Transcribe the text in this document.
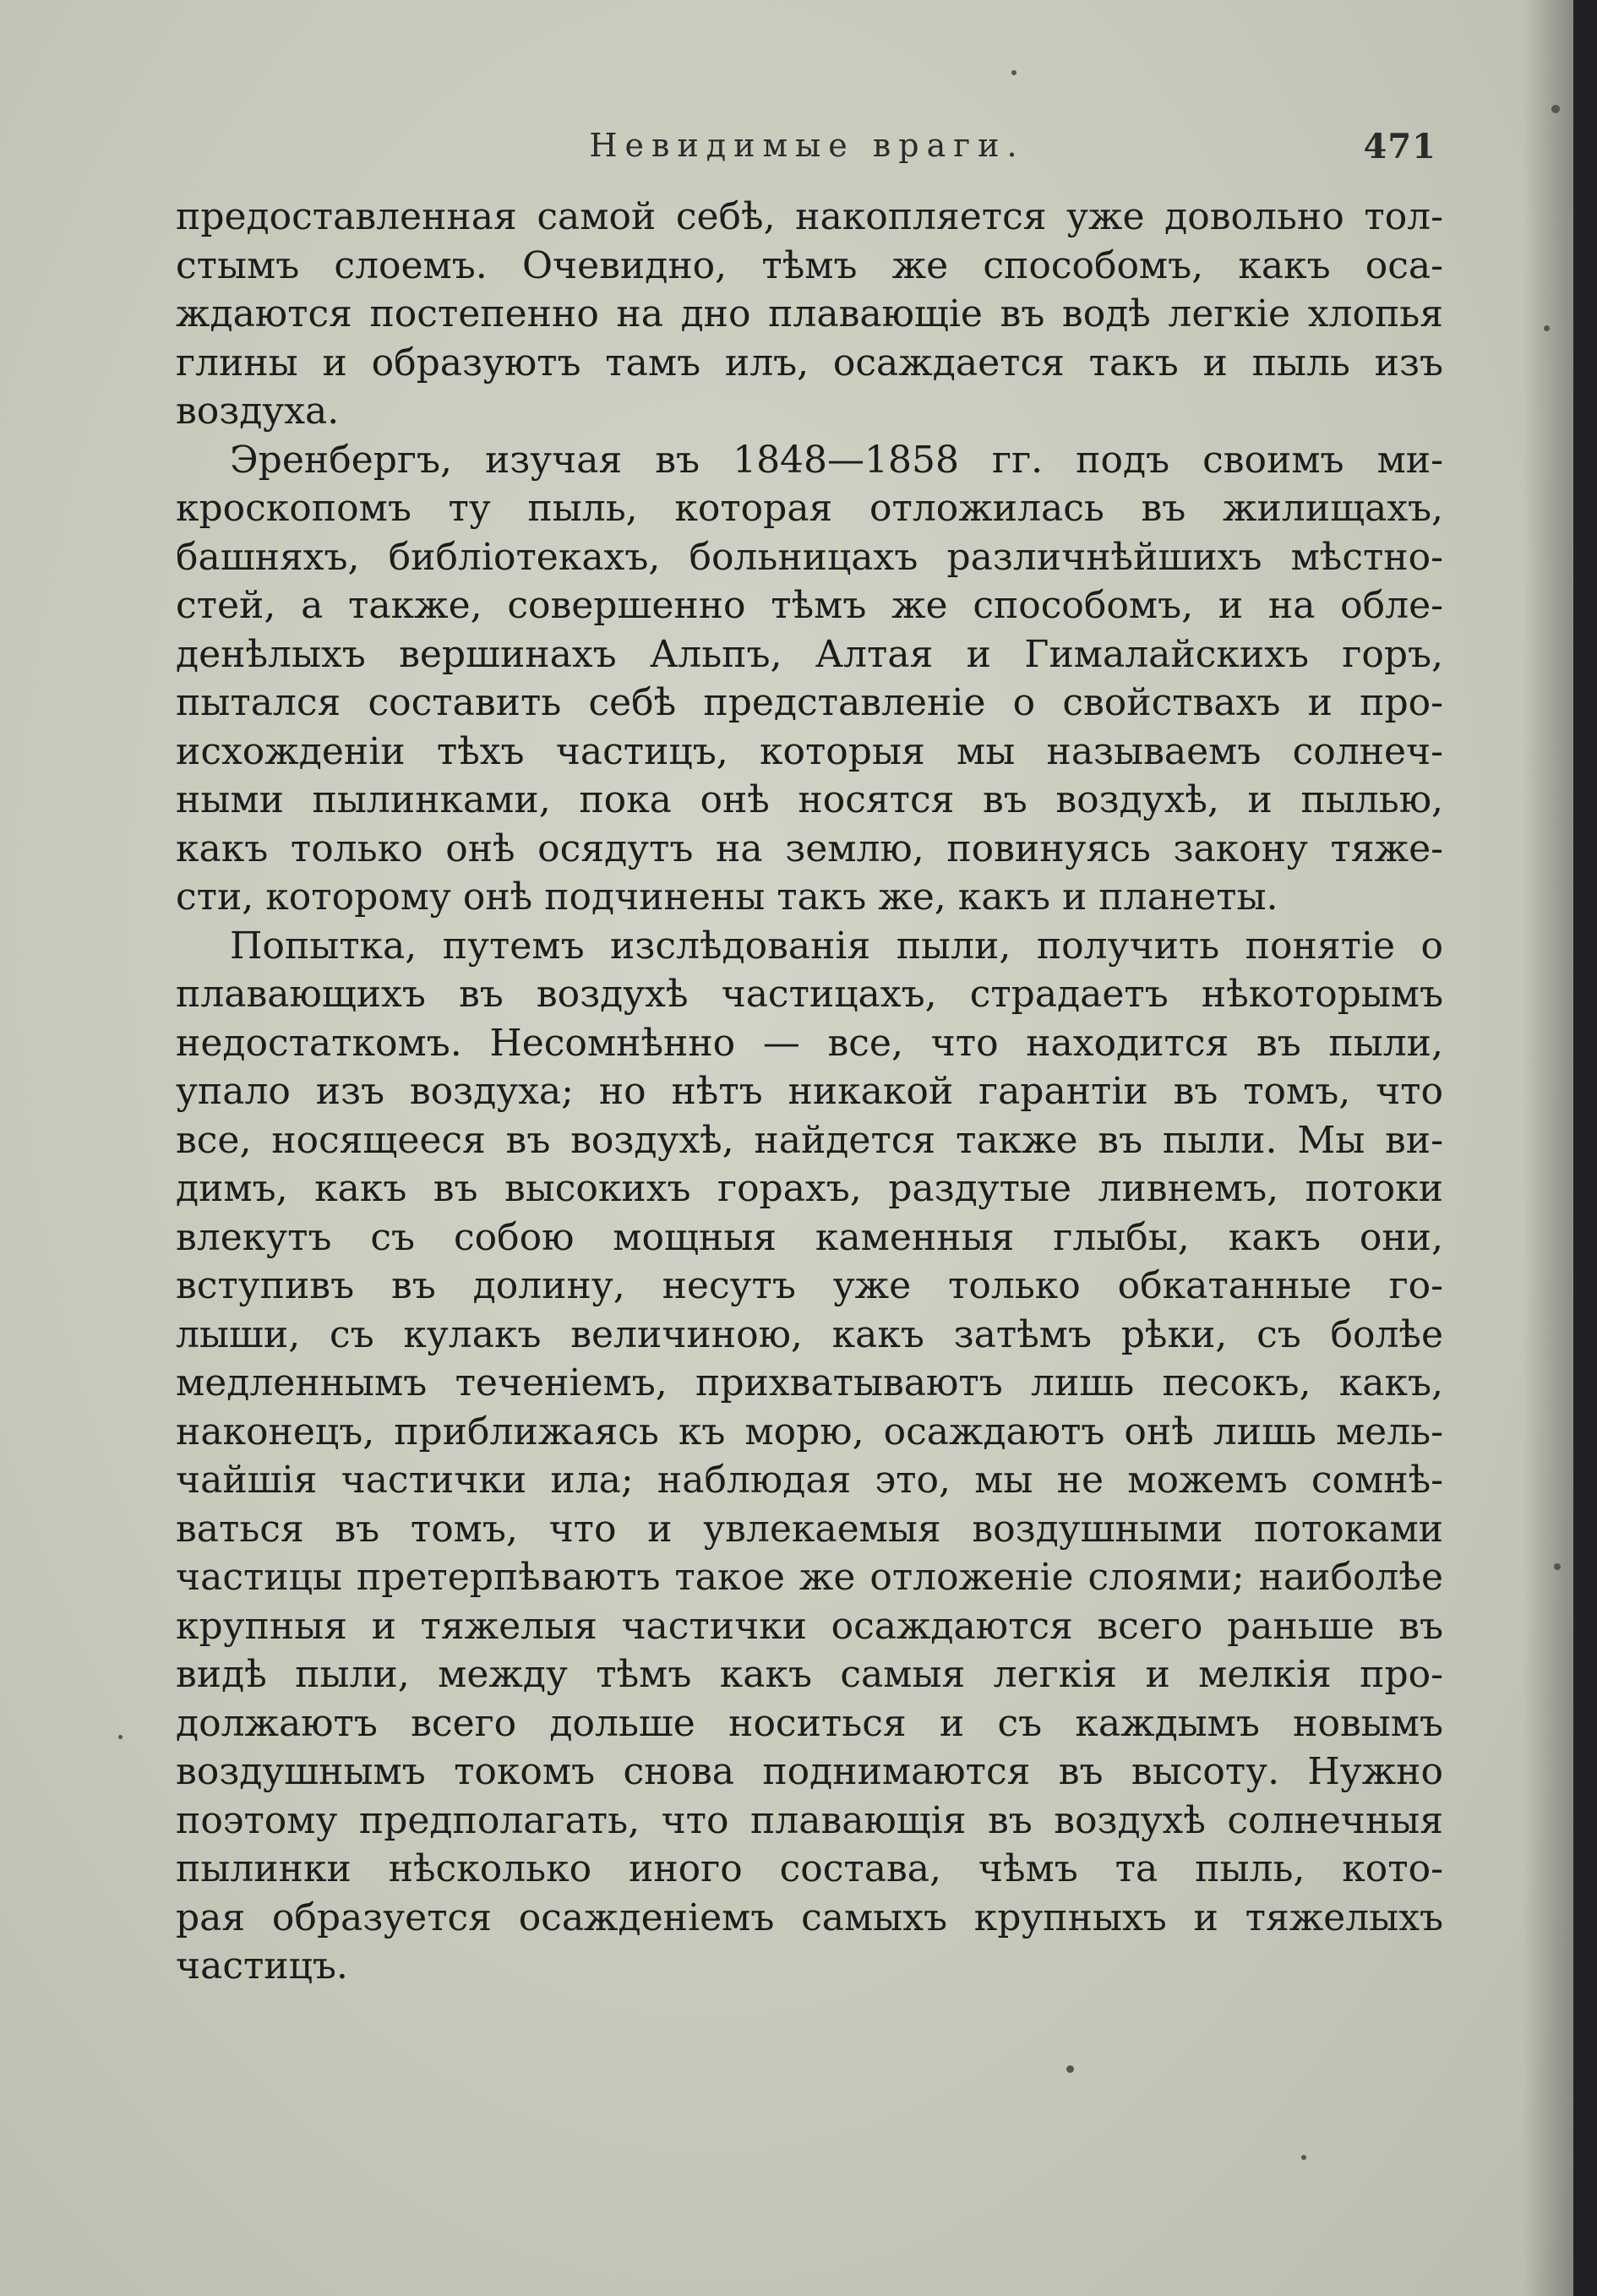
Невидимые враги.	471
предоставленная самой себѣ, накопляется уже довольно тол-
стымъ слоемъ. Очевидно, тѣмъ же способомъ, какъ оса-
ждаются постепенно на дно плавающіе въ водѣ легкіе хлопья
глины и образуютъ тамъ илъ, осаждается такъ и пыль изъ
воздуха.
Эренбергъ, изучая въ 1848—1858 гг. подъ своимъ ми-
кроскопомъ ту пыль, которая отложилась въ жилищахъ,
башняхъ, библіотекахъ, больницахъ различнѣйшихъ мѣстно-
стей, а также, совершенно тѣмъ же способомъ, и на обле-
денѣлыхъ вершинахъ Альпъ, Алтая и Гималайскихъ горъ,
пытался составить себѣ представленіе о свойствахъ и про-
исхожденіи тѣхъ частицъ, которыя мы называемъ солнеч-
ными пылинками, пока онѣ носятся въ воздухѣ, и пылью,
какъ только онѣ осядутъ на землю, повинуясь закону тяже-
сти, которому онѣ подчинены такъ же, какъ и планеты.
Попытка, путемъ изслѣдованія пыли, получить понятіе о
плавающихъ въ воздухѣ частицахъ, страдаетъ нѣкоторымъ
недостаткомъ. Несомнѣнно — все, что находится въ пыли,
упало изъ воздуха; но нѣтъ никакой гарантіи въ томъ, что
все, носящееся въ воздухѣ, найдется также въ пыли. Мы ви-
димъ, какъ въ высокихъ горахъ, раздутые ливнемъ, потоки
влекутъ съ собою мощныя каменныя глыбы, какъ они,
вступивъ въ долину, несутъ уже только обкатанные го-
лыши, съ кулакъ величиною, какъ затѣмъ рѣки, съ болѣе
медленнымъ теченіемъ, прихватываютъ лишь песокъ, какъ,
наконецъ, приближаясь къ морю, осаждаютъ онѣ лишь мель-
чайшія частички ила; наблюдая это, мы не можемъ сомнѣ-
ваться въ томъ, что и увлекаемыя воздушными потоками
частицы претерпѣваютъ такое же отложеніе слоями; наиболѣе
крупныя и тяжелыя частички осаждаются всего раньше въ
видѣ пыли, между тѣмъ какъ самыя легкія и мелкія про-
должаютъ всего дольше носиться и съ каждымъ новымъ
воздушнымъ токомъ снова поднимаются въ высоту. Нужно
поэтому предполагать, что плавающія въ воздухѣ солнечныя
пылинки нѣсколько иного состава, чѣмъ та пыль, кото-
рая образуется осажденіемъ самыхъ крупныхъ и тяжелыхъ
частицъ.
